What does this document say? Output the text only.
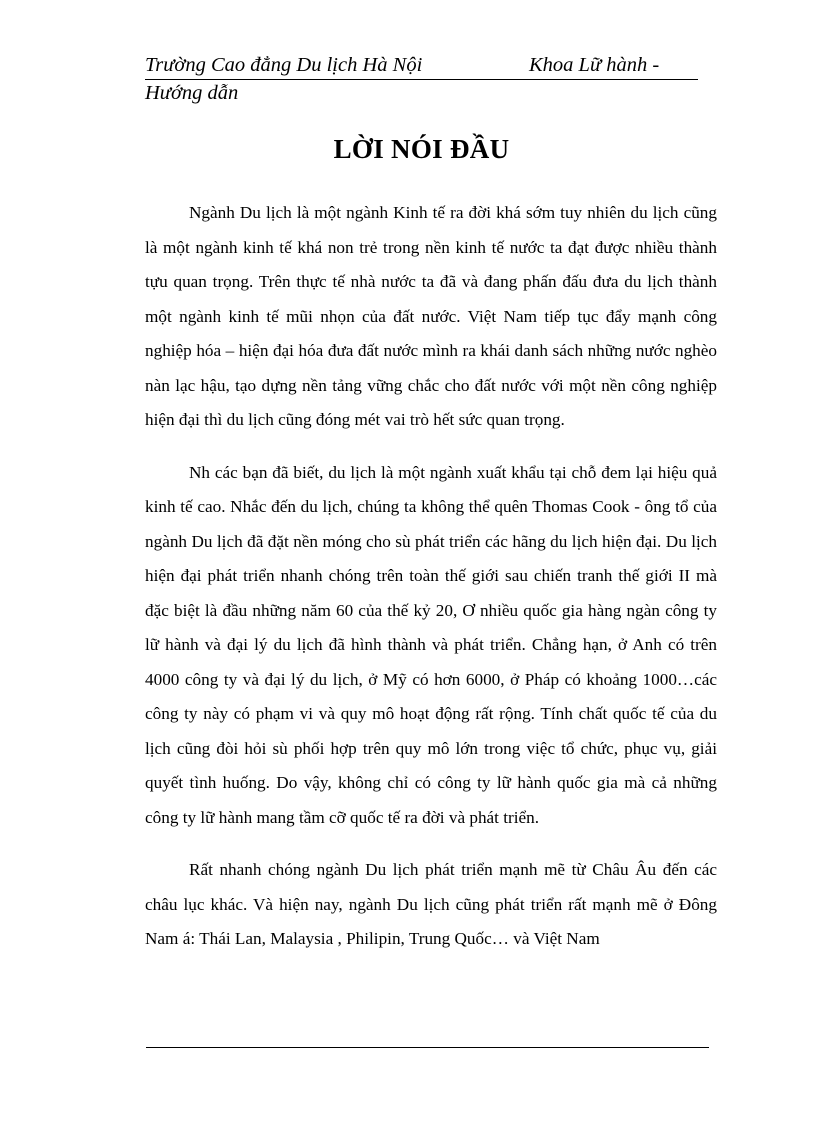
Trường Cao đẳng Du lịch Hà Nội	Khoa Lữ hành -
Hướng dẫn
LỜI NÓI ĐẦU

Ngành Du lịch là một ngành Kinh tế ra đời khá sớm tuy nhiên du lịch cũng là một ngành kinh tế khá non trẻ trong nền kinh tế nước ta đạt được nhiều thành tựu quan trọng. Trên thực tế nhà nước ta đã và đang phấn đấu đưa du lịch thành một ngành kinh tế mũi nhọn của đất nước. Việt Nam tiếp tục đẩy mạnh công nghiệp hóa – hiện đại hóa đưa đất nước mình ra khái danh sách những nước nghèo nàn lạc hậu, tạo dựng nền tảng vững chắc cho đất nước với một nền công nghiệp hiện đại thì du lịch cũng đóng mét vai trò hết sức quan trọng.

Nh các bạn đã biết, du lịch là một ngành xuất khẩu tại chỗ đem lại hiệu quả kinh tế cao. Nhắc đến du lịch, chúng ta không thể quên Thomas Cook - ông tổ của ngành Du lịch đã đặt nền móng cho sù phát triển các hãng du lịch hiện đại. Du lịch hiện đại phát triển nhanh chóng trên toàn thế giới sau chiến tranh thế giới II mà đặc biệt là đầu những năm 60 của thế kỷ 20, Ơ nhiều quốc gia hàng ngàn công ty lữ hành và đại lý du lịch đã hình thành và phát triển. Chẳng hạn, ở Anh có trên 4000 công ty và đại lý du lịch, ở Mỹ có hơn 6000, ở Pháp có khoảng 1000…các công ty này có phạm vi và quy mô hoạt động rất rộng. Tính chất quốc tế của du lịch cũng đòi hỏi sù phối hợp trên quy mô lớn trong việc tổ chức, phục vụ, giải quyết tình huống. Do vậy, không chỉ có công ty lữ hành quốc gia mà cả những công ty lữ hành mang tầm cỡ quốc tế ra đời và phát triển.

Rất nhanh chóng ngành Du lịch phát triển mạnh mẽ từ Châu Âu đến các châu lục khác. Và hiện nay, ngành Du lịch cũng phát triển rất mạnh mẽ ở Đông Nam á: Thái Lan, Malaysia , Philipin, Trung Quốc… và Việt Nam
